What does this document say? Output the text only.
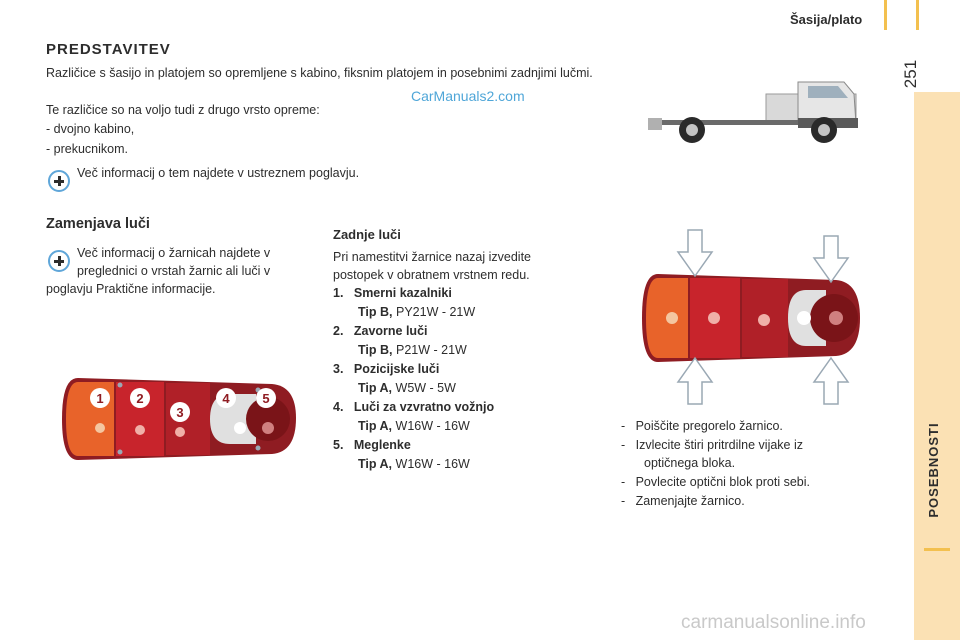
Šasija/plato
251
POSEBNOSTI
PREDSTAVITEV
Različice s šasijo in platojem so opremljene s kabino, fiksnim platojem in posebnimi zadnjimi lučmi.
Te različice so na voljo tudi z drugo vrsto opreme:
- dvojno kabino,
- prekucnikom.
CarManuals2.com
Več informacij o tem najdete v ustreznem poglavju.
Zamenjava luči
Več informacij o žarnicah najdete v
preglednici o vrstah žarnic ali luči v
poglavju Praktične informacije.
1	2
3
4	5
Zadnje luči
Pri namestitvi žarnice nazaj izvedite
postopek v obratnem vrstnem redu.
1. Smerni kazalniki
Tip B, PY21W - 21W
2. Zavorne luči
Tip B, P21W - 21W
3. Pozicijske luči
Tip A, W5W - 5W
4. Luči za vzvratno vožnjo
Tip A, W16W - 16W
5. Meglenke
Tip A, W16W - 16W
-   Poiščite pregorelo žarnico.
-   Izvlecite štiri pritrdilne vijake iz
optičnega bloka.
-   Povlecite optični blok proti sebi.
-   Zamenjajte žarnico.
carmanualsonline.info
